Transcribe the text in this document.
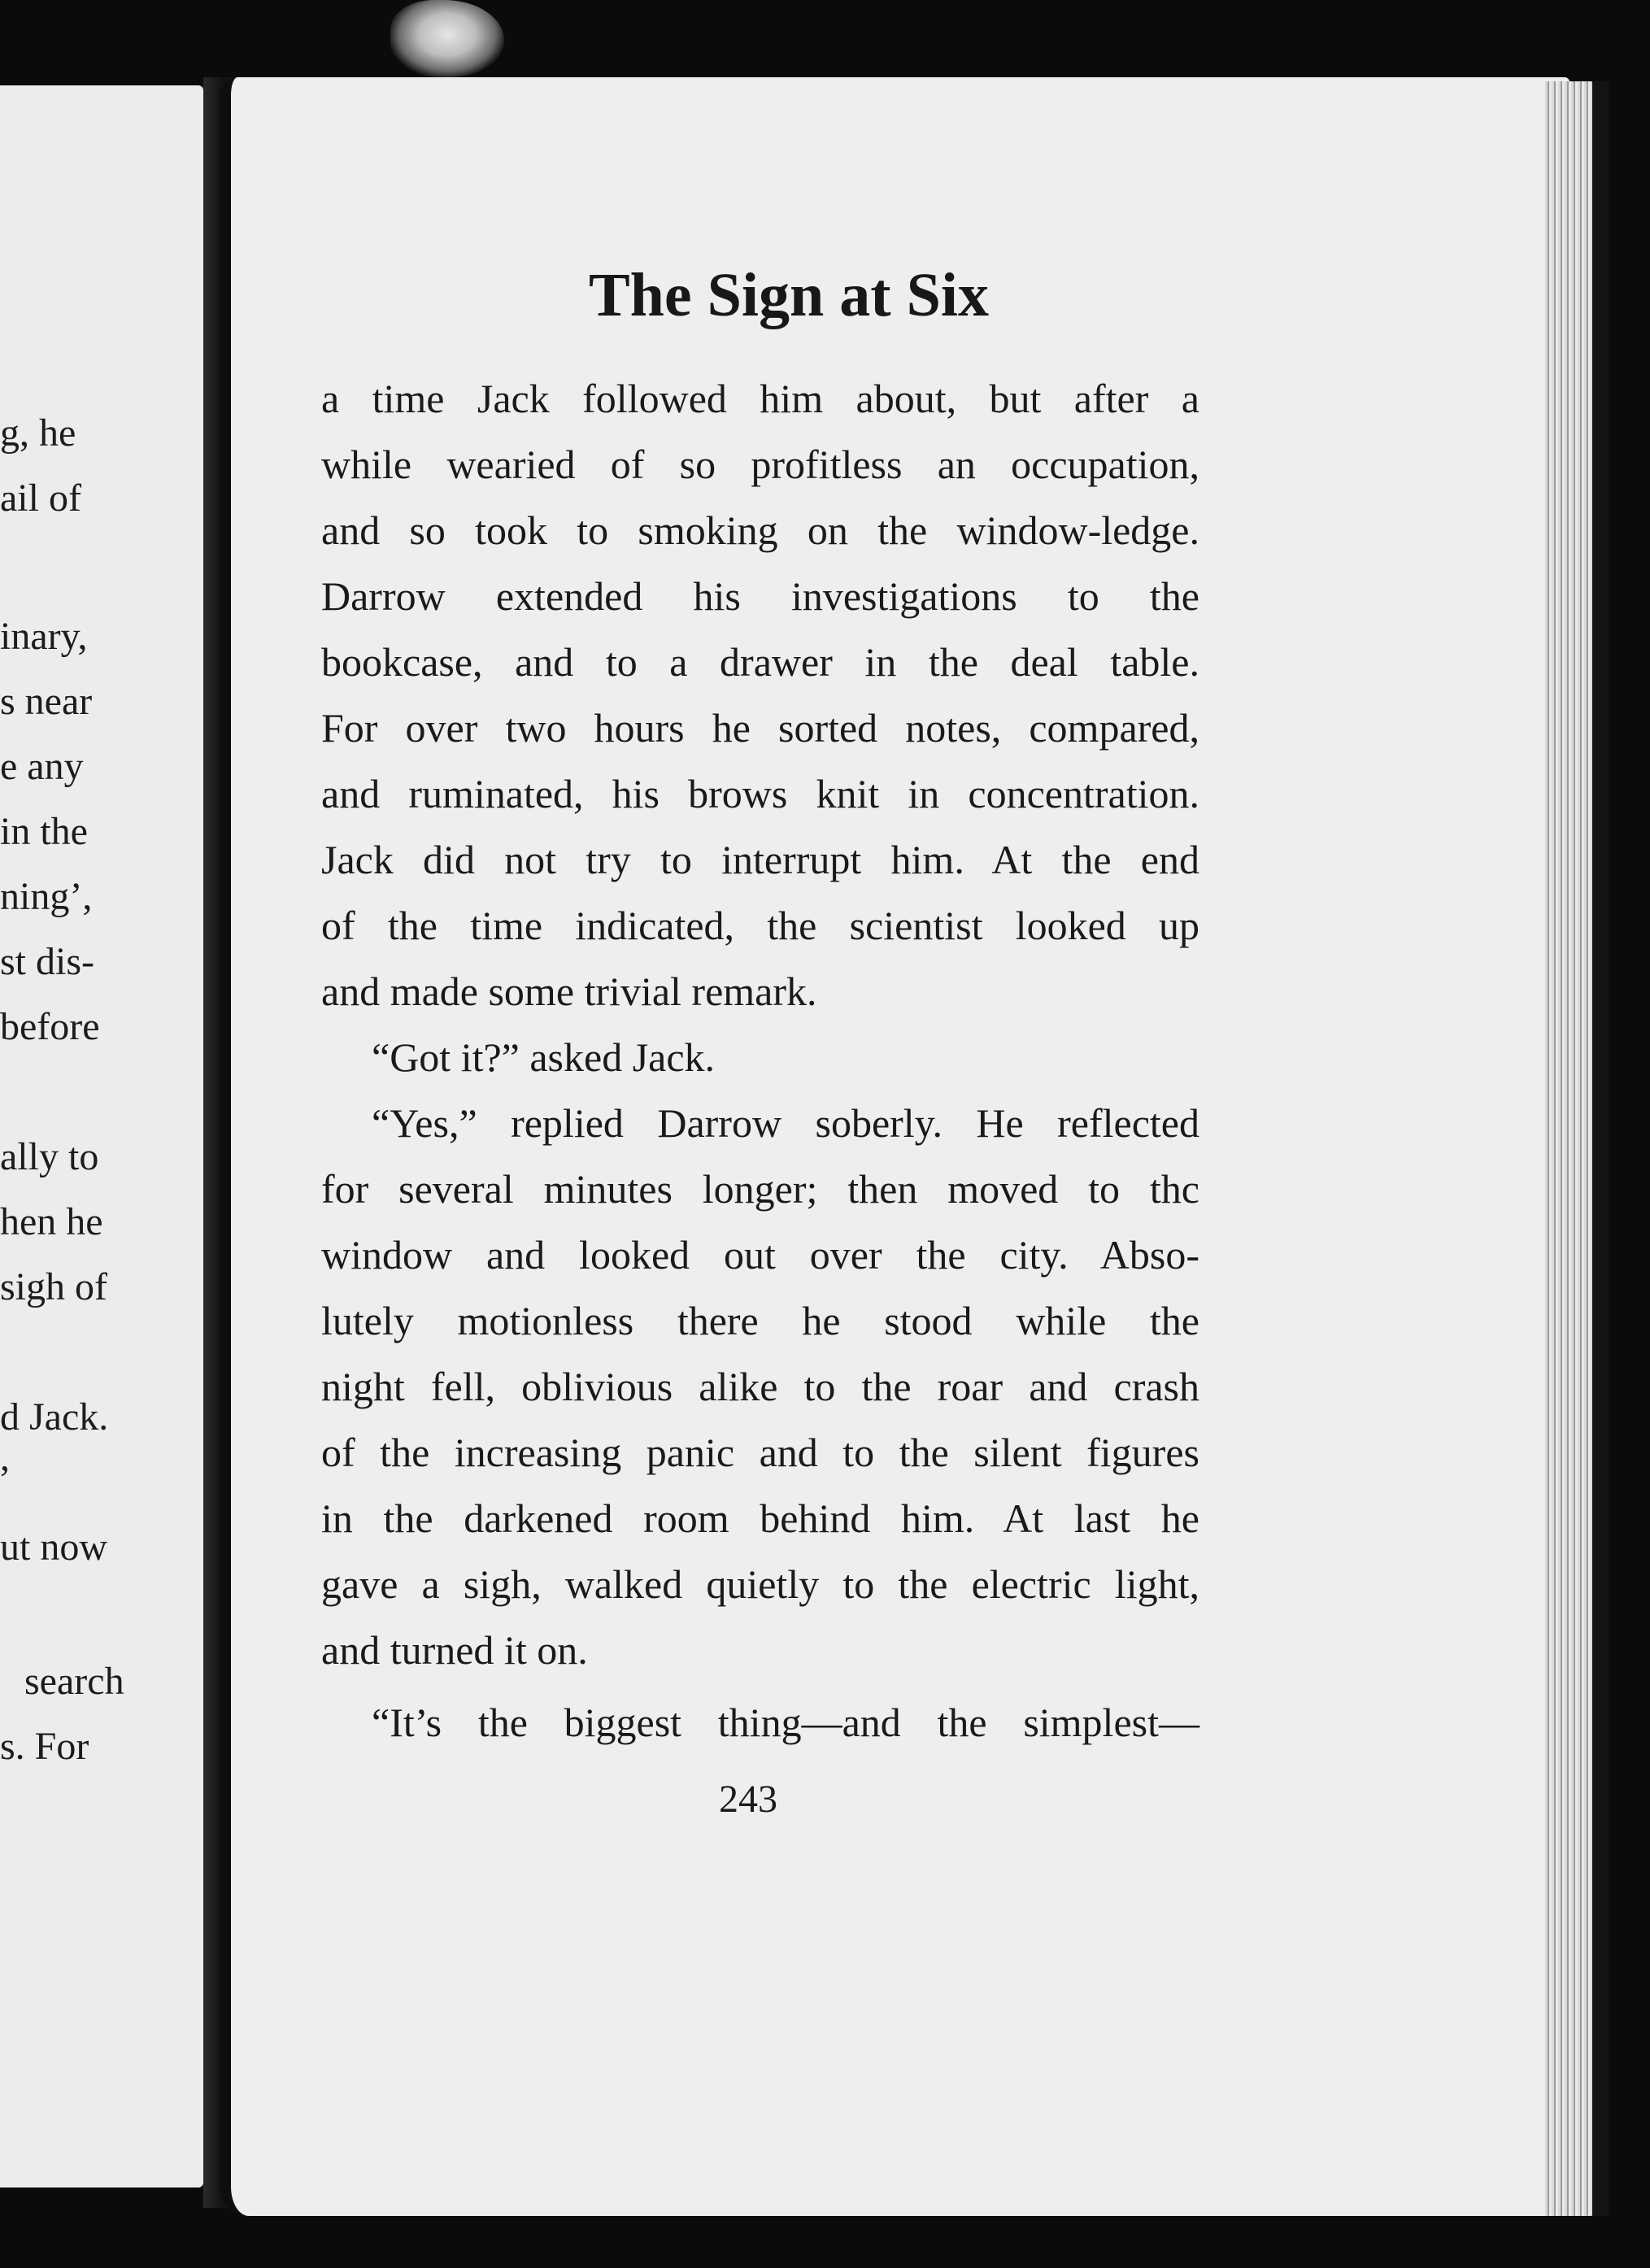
g, he
ail of
inary,
s near
e any
in the
ning’,
st dis-
before
ally to
hen he
sigh of
d Jack.
,
ut now
search
s. For
The Sign at Six
a time Jack followed him about, but after a
while wearied of so profitless an occupation,
and so took to smoking on the window-ledge.
Darrow extended his investigations to the
bookcase, and to a drawer in the deal table.
For over two hours he sorted notes, compared,
and ruminated, his brows knit in concentration.
Jack did not try to interrupt him. At the end
of the time indicated, the scientist looked up
and made some trivial remark.
“Got it?” asked Jack.
“Yes,” replied Darrow soberly. He reflected
for several minutes longer; then moved to thc
window and looked out over the city. Abso-
lutely motionless there he stood while the
night fell, oblivious alike to the roar and crash
of the increasing panic and to the silent figures
in the darkened room behind him. At last he
gave a sigh, walked quietly to the electric light,
and turned it on.
“It’s the biggest thing—and the simplest—
243
